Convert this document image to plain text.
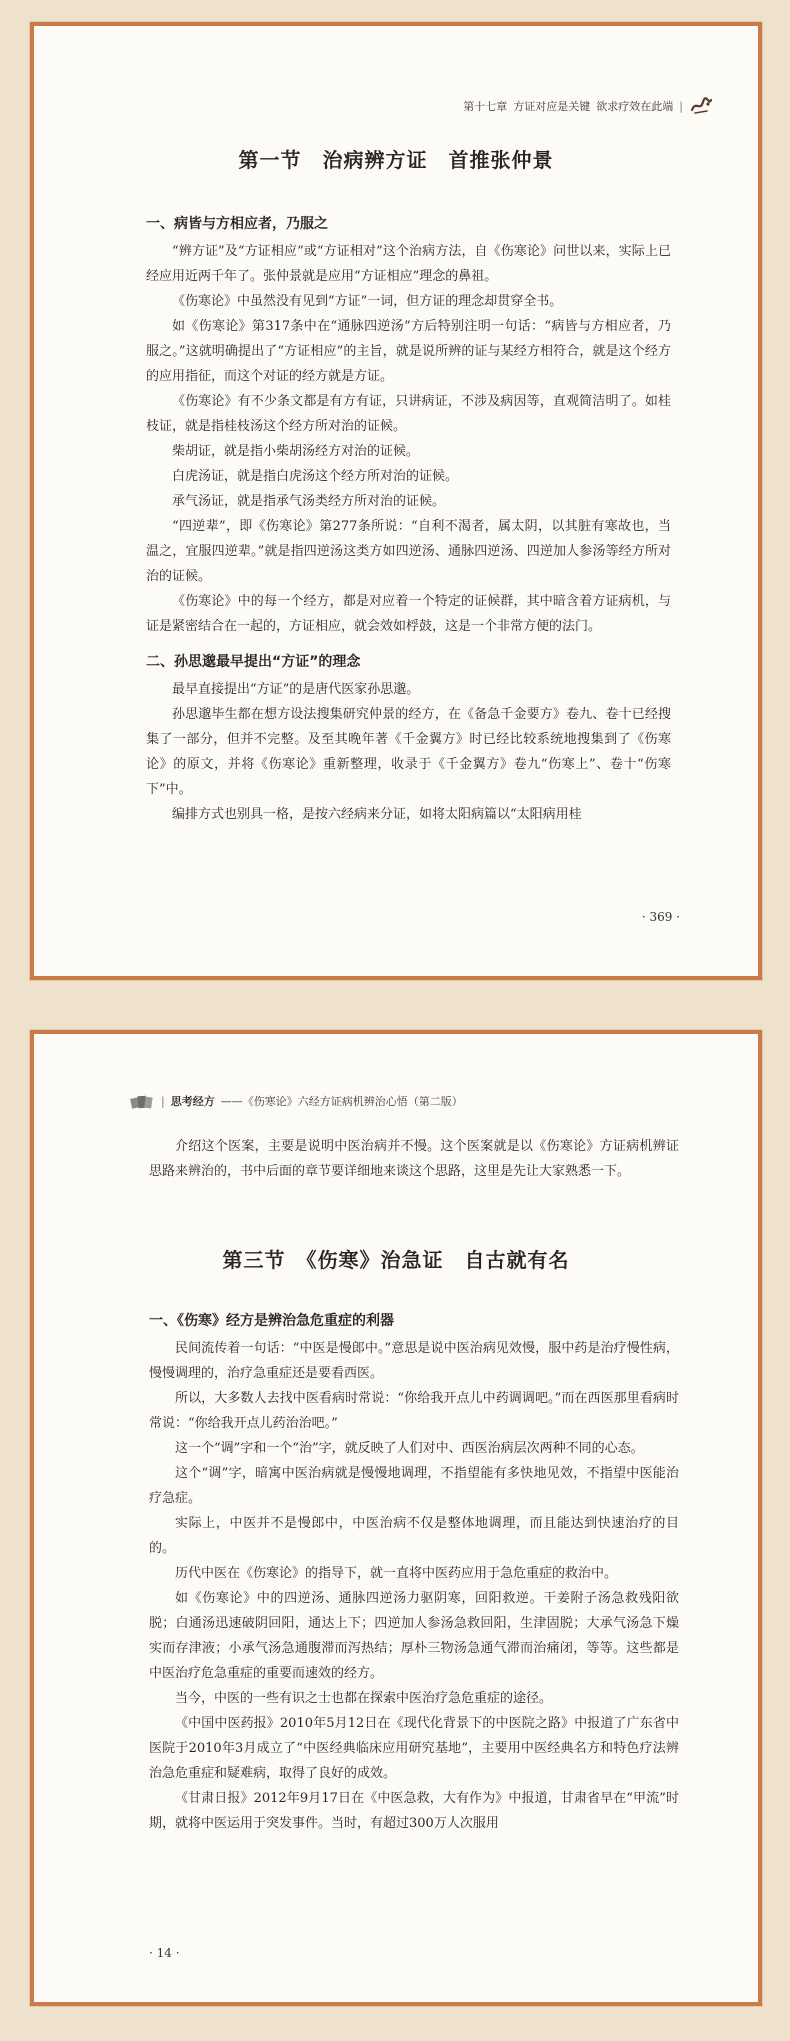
第十七章 方证对应是关键 欲求疗效在此端 |
第一节　治病辨方证　首推张仲景
一、病皆与方相应者，乃服之

“辨方证”及“方证相应”或“方证相对”这个治病方法，自《伤寒论》问世以来，实际上已经应用近两千年了。张仲景就是应用“方证相应”理念的鼻祖。

《伤寒论》中虽然没有见到“方证”一词，但方证的理念却贯穿全书。

如《伤寒论》第317条中在“通脉四逆汤”方后特别注明一句话：“病皆与方相应者，乃服之。”这就明确提出了“方证相应”的主旨，就是说所辨的证与某经方相符合，就是这个经方的应用指征，而这个对证的经方就是方证。

《伤寒论》有不少条文都是有方有证，只讲病证，不涉及病因等，直观简洁明了。如桂枝证，就是指桂枝汤这个经方所对治的证候。

柴胡证，就是指小柴胡汤经方对治的证候。

白虎汤证，就是指白虎汤这个经方所对治的证候。

承气汤证，就是指承气汤类经方所对治的证候。

“四逆辈”，即《伤寒论》第277条所说：“自利不渴者，属太阴，以其脏有寒故也，当温之，宜服四逆辈。”就是指四逆汤这类方如四逆汤、通脉四逆汤、四逆加人参汤等经方所对治的证候。

《伤寒论》中的每一个经方，都是对应着一个特定的证候群，其中暗含着方证病机，与证是紧密结合在一起的，方证相应，就会效如桴鼓，这是一个非常方便的法门。

二、孙思邈最早提出“方证”的理念

最早直接提出“方证”的是唐代医家孙思邈。

孙思邈毕生都在想方设法搜集研究仲景的经方，在《备急千金要方》卷九、卷十已经搜集了一部分，但并不完整。及至其晚年著《千金翼方》时已经比较系统地搜集到了《伤寒论》的原文，并将《伤寒论》重新整理，收录于《千金翼方》卷九“伤寒上”、卷十“伤寒下”中。

编排方式也别具一格，是按六经病来分证，如将太阳病篇以“太阳病用桂

· 369 ·
| 思考经方 ——《伤寒论》六经方证病机辨治心悟（第二版）

介绍这个医案，主要是说明中医治病并不慢。这个医案就是以《伤寒论》方证病机辨证思路来辨治的，书中后面的章节要详细地来谈这个思路，这里是先让大家熟悉一下。

第三节　《伤寒》治急证　自古就有名
一、《伤寒》经方是辨治急危重症的利器

民间流传着一句话：“中医是慢郎中。”意思是说中医治病见效慢，服中药是治疗慢性病，慢慢调理的，治疗急重症还是要看西医。

所以，大多数人去找中医看病时常说：“你给我开点儿中药调调吧。”而在西医那里看病时常说：“你给我开点儿药治治吧。”

这一个“调”字和一个“治”字，就反映了人们对中、西医治病层次两种不同的心态。

这个“调”字，暗寓中医治病就是慢慢地调理，不指望能有多快地见效，不指望中医能治疗急症。

实际上，中医并不是慢郎中，中医治病不仅是整体地调理，而且能达到快速治疗的目的。

历代中医在《伤寒论》的指导下，就一直将中医药应用于急危重症的救治中。

如《伤寒论》中的四逆汤、通脉四逆汤力驱阴寒，回阳救逆。干姜附子汤急救残阳欲脱；白通汤迅速破阴回阳，通达上下；四逆加人参汤急救回阳，生津固脱；大承气汤急下燥实而存津液；小承气汤急通腹滞而泻热结；厚朴三物汤急通气滞而治痛闭，等等。这些都是中医治疗危急重症的重要而速效的经方。

当今，中医的一些有识之士也都在探索中医治疗急危重症的途径。

《中国中医药报》2010年5月12日在《现代化背景下的中医院之路》中报道了广东省中医院于2010年3月成立了“中医经典临床应用研究基地”，主要用中医经典名方和特色疗法辨治急危重症和疑难病，取得了良好的成效。

《甘肃日报》2012年9月17日在《中医急救，大有作为》中报道，甘肃省早在“甲流”时期，就将中医运用于突发事件。当时，有超过300万人次服用

· 14 ·
